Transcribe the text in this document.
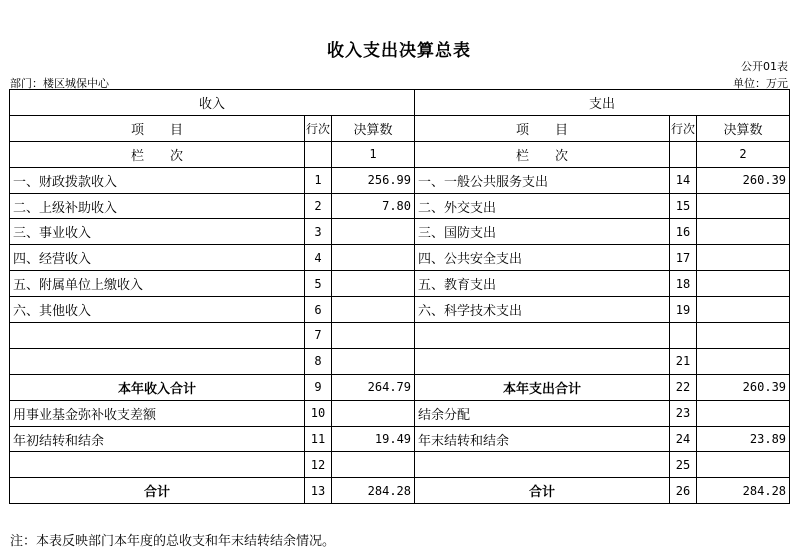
收入支出决算总表
公开01表
部门：楼区城保中心	单位：万元
收入			支出		
项　　目	行次	决算数	项　　目	行次	决算数
栏　　次		1	栏　　次		2
一、财政拨款收入	1	256.99	一、一般公共服务支出	14	260.39
二、上级补助收入	2	7.80	二、外交支出	15	
三、事业收入	3		三、国防支出	16	
四、经营收入	4		四、公共安全支出	17	
五、附属单位上缴收入	5		五、教育支出	18	
六、其他收入	6		六、科学技术支出	19	
	7				
	8			21	
本年收入合计	9	264.79	本年支出合计	22	260.39
用事业基金弥补收支差额	10		结余分配	23	
年初结转和结余	11	19.49	年末结转和结余	24	23.89
	12			25	
合计	13	284.28	合计	26	284.28
注：本表反映部门本年度的总收支和年末结转结余情况。
